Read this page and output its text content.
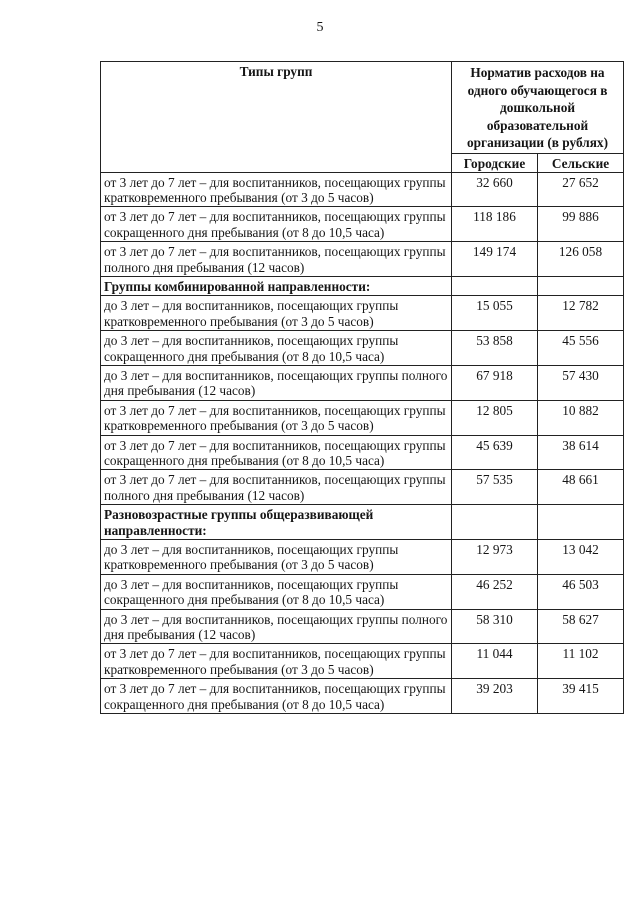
5
Типы групп	Норматив расходов на одного обучающегося в дошкольной образовательной организации (в рублях)	
	Городские	Сельские
от 3 лет до 7 лет – для воспитанников, посещающих группы кратковременного пребывания (от 3 до 5 часов)	32 660	27 652
от 3 лет до 7 лет – для воспитанников, посещающих группы сокращенного дня пребывания (от 8 до 10,5 часа)	118 186	99 886
от 3 лет до 7 лет – для воспитанников, посещающих группы полного дня пребывания (12 часов)	149 174	126 058
Группы комбинированной направленности:		
до 3 лет – для воспитанников, посещающих группы кратковременного пребывания (от 3 до 5 часов)	15 055	12 782
до 3 лет – для воспитанников, посещающих группы сокращенного дня пребывания (от 8 до 10,5 часа)	53 858	45 556
до 3 лет – для воспитанников, посещающих группы полного дня пребывания (12 часов)	67 918	57 430
от 3 лет до 7 лет – для воспитанников, посещающих группы кратковременного пребывания (от 3 до 5 часов)	12 805	10 882
от 3 лет до 7 лет – для воспитанников, посещающих группы сокращенного дня пребывания (от 8 до 10,5 часа)	45 639	38 614
от 3 лет до 7 лет – для воспитанников, посещающих группы полного дня пребывания (12 часов)	57 535	48 661
Разновозрастные группы общеразвивающей направленности:		
до 3 лет – для воспитанников, посещающих группы кратковременного пребывания (от 3 до 5 часов)	12 973	13 042
до 3 лет – для воспитанников, посещающих группы сокращенного дня пребывания (от 8 до 10,5 часа)	46 252	46 503
до 3 лет – для воспитанников, посещающих группы полного дня пребывания (12 часов)	58 310	58 627
от 3 лет до 7 лет – для воспитанников, посещающих группы кратковременного пребывания (от 3 до 5 часов)	11 044	11 102
от 3 лет до 7 лет – для воспитанников, посещающих группы сокращенного дня пребывания (от 8 до 10,5 часа)	39 203	39 415
